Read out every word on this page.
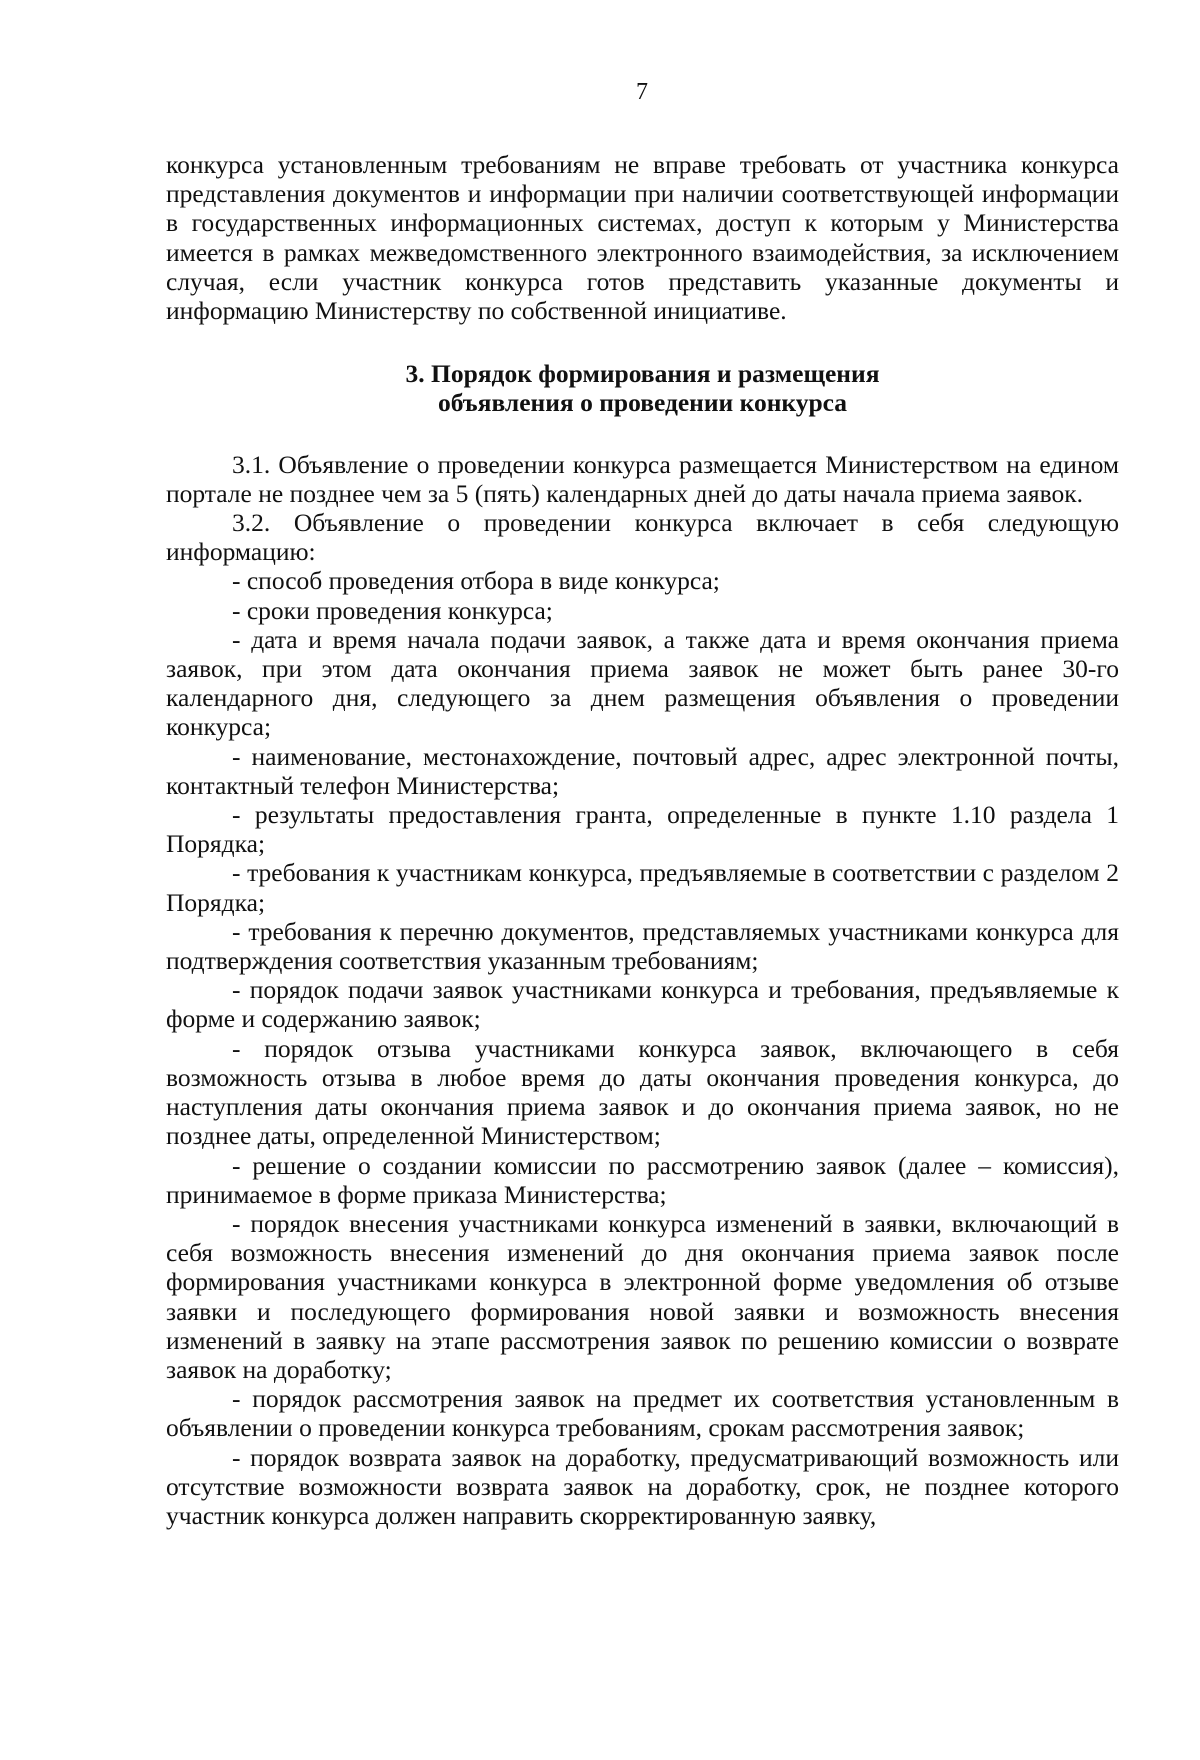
7

конкурса установленным требованиям не вправе требовать от участника конкурса представления документов и информации при наличии соответствующей информации в государственных информационных системах, доступ к которым у Министерства имеется в рамках межведомственного электронного взаимодействия, за исключением случая, если участник конкурса готов представить указанные документы и информацию Министерству по собственной инициативе.

3. Порядок формирования и размещения
объявления о проведении конкурса

3.1. Объявление о проведении конкурса размещается Министерством на едином портале не позднее чем за 5 (пять) календарных дней до даты начала приема заявок.

3.2. Объявление о проведении конкурса включает в себя следующую информацию:

- способ проведения отбора в виде конкурса;

- сроки проведения конкурса;

- дата и время начала подачи заявок, а также дата и время окончания приема заявок, при этом дата окончания приема заявок не может быть ранее 30-го календарного дня, следующего за днем размещения объявления о проведении конкурса;

- наименование, местонахождение, почтовый адрес, адрес электронной почты, контактный телефон Министерства;

- результаты предоставления гранта, определенные в пункте 1.10 раздела 1 Порядка;

- требования к участникам конкурса, предъявляемые в соответствии с разделом 2 Порядка;

- требования к перечню документов, представляемых участниками конкурса для подтверждения соответствия указанным требованиям;

- порядок подачи заявок участниками конкурса и требования, предъявляемые к форме и содержанию заявок;

- порядок отзыва участниками конкурса заявок, включающего в себя возможность отзыва в любое время до даты окончания проведения конкурса, до наступления даты окончания приема заявок и до окончания приема заявок, но не позднее даты, определенной Министерством;

- решение о создании комиссии по рассмотрению заявок (далее – комиссия), принимаемое в форме приказа Министерства;

- порядок внесения участниками конкурса изменений в заявки, включающий в себя возможность внесения изменений до дня окончания приема заявок после формирования участниками конкурса в электронной форме уведомления об отзыве заявки и последующего формирования новой заявки и возможность внесения изменений в заявку на этапе рассмотрения заявок по решению комиссии о возврате заявок на доработку;

- порядок рассмотрения заявок на предмет их соответствия установленным в объявлении о проведении конкурса требованиям, срокам рассмотрения заявок;

- порядок возврата заявок на доработку, предусматривающий возможность или отсутствие возможности возврата заявок на доработку, срок, не позднее которого участник конкурса должен направить скорректированную заявку,
